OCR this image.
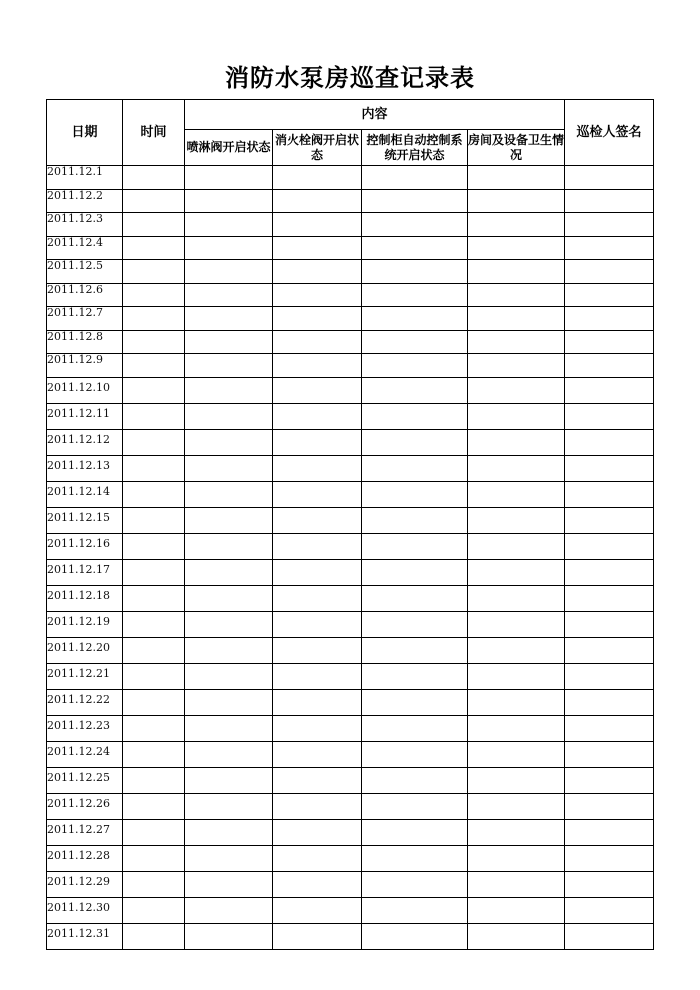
消防水泵房巡查记录表
日期	时间	内容				巡检人签名
		喷淋阀开启状态	消火栓阀开启状态	控制柜自动控制系统开启状态	房间及设备卫生情况	

2011.12.1						

2011.12.2						

2011.12.3						

2011.12.4						

2011.12.5						

2011.12.6						

2011.12.7						

2011.12.8						

2011.12.9						

2011.12.10						

2011.12.11						

2011.12.12						

2011.12.13						

2011.12.14						

2011.12.15						

2011.12.16						

2011.12.17						

2011.12.18						

2011.12.19						

2011.12.20						

2011.12.21						

2011.12.22						

2011.12.23						

2011.12.24						

2011.12.25						

2011.12.26						

2011.12.27						

2011.12.28						

2011.12.29						

2011.12.30						

2011.12.31						
